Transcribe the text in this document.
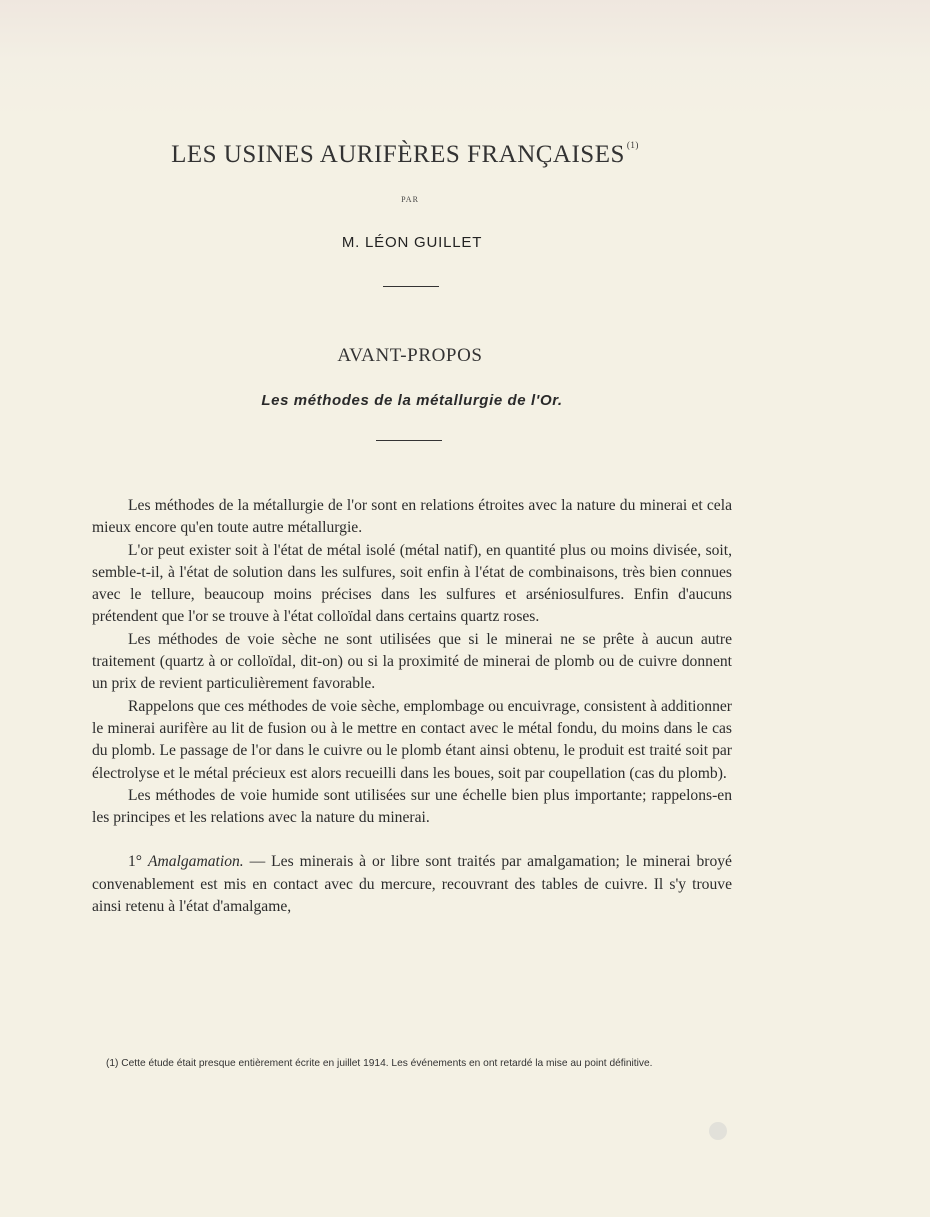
LES USINES AURIFÈRES FRANÇAISES $^{(1)}$
PAR
M. LÉON GUILLET
AVANT-PROPOS
Les méthodes de la métallurgie de l'Or.

Les méthodes de la métallurgie de l'or sont en relations étroites avec la nature du minerai et cela mieux encore qu'en toute autre métallurgie.

L'or peut exister soit à l'état de métal isolé (métal natif), en quantité plus ou moins divisée, soit, semble-t-il, à l'état de solution dans les sulfures, soit enfin à l'état de combinaisons, très bien connues avec le tellure, beaucoup moins précises dans les sulfures et arséniosulfures. Enfin d'aucuns prétendent que l'or se trouve à l'état colloïdal dans certains quartz roses.

Les méthodes de voie sèche ne sont utilisées que si le minerai ne se prête à aucun autre traitement (quartz à or colloïdal, dit-on) ou si la proximité de minerai de plomb ou de cuivre donnent un prix de revient particulièrement favorable.

Rappelons que ces méthodes de voie sèche, emplombage ou encuivrage, consistent à additionner le minerai aurifère au lit de fusion ou à le mettre en contact avec le métal fondu, du moins dans le cas du plomb. Le passage de l'or dans le cuivre ou le plomb étant ainsi obtenu, le produit est traité soit par électrolyse et le métal précieux est alors recueilli dans les boues, soit par coupellation (cas du plomb).

Les méthodes de voie humide sont utilisées sur une échelle bien plus importante; rappelons-en les principes et les relations avec la nature du minerai.

1° Amalgamation. — Les minerais à or libre sont traités par amalgamation; le minerai broyé convenablement est mis en contact avec du mercure, recouvrant des tables de cuivre. Il s'y trouve ainsi retenu à l'état d'amalgame,

(1) Cette étude était presque entièrement écrite en juillet 1914. Les événements en ont retardé la mise au point définitive.
